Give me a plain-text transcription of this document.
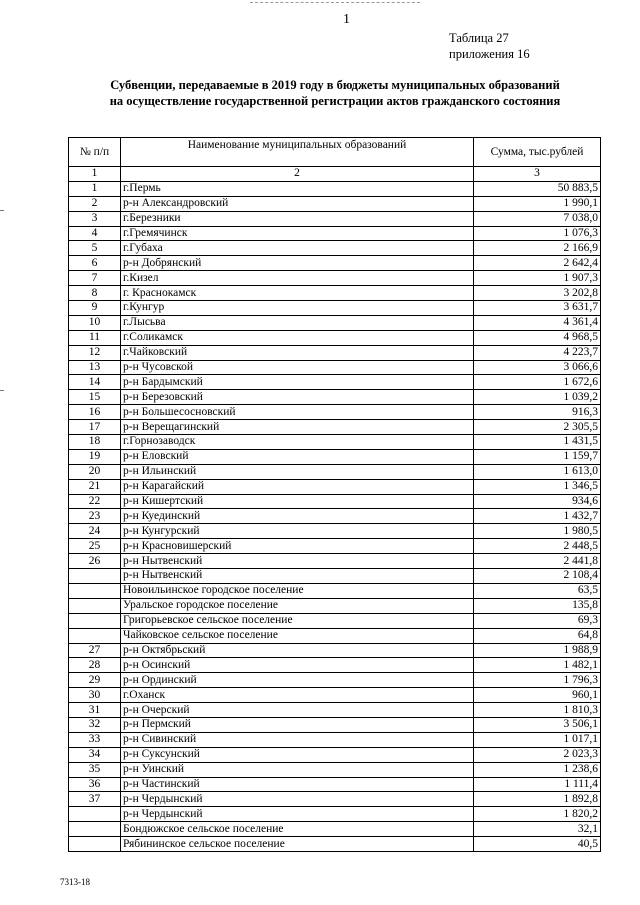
1
Таблица 27
приложения 16
Субвенции, передаваемые в 2019 году в бюджеты муниципальных образований
на осуществление государственной регистрации актов гражданского состояния
№ п/п	Наименование муниципальных образований	Сумма, тыс.рублей
1	2	3
1	г.Пермь	50 883,5
2	р-н Александровский	1 990,1
3	г.Березники	7 038,0
4	г.Гремячинск	1 076,3
5	г.Губаха	2 166,9
6	р-н Добрянский	2 642,4
7	г.Кизел	1 907,3
8	г. Краснокамск	3 202,8
9	г.Кунгур	3 631,7
10	г.Лысьва	4 361,4
11	г.Соликамск	4 968,5
12	г.Чайковский	4 223,7
13	р-н Чусовской	3 066,6
14	р-н Бардымский	1 672,6
15	р-н Березовский	1 039,2
16	р-н Большесосновский	916,3
17	р-н Верещагинский	2 305,5
18	г.Горнозаводск	1 431,5
19	р-н Еловский	1 159,7
20	р-н Ильинский	1 613,0
21	р-н Карагайский	1 346,5
22	р-н Кишертский	934,6
23	р-н Куединский	1 432,7
24	р-н Кунгурский	1 980,5
25	р-н Красновишерский	2 448,5
26	р-н Нытвенский	2 441,8
	р-н Нытвенский	2 108,4
	Новоильинское городское поселение	63,5
	Уральское городское поселение	135,8
	Григорьевское сельское поселение	69,3
	Чайковское сельское поселение	64,8
27	р-н Октябрьский	1 988,9
28	р-н Осинский	1 482,1
29	р-н Ординский	1 796,3
30	г.Оханск	960,1
31	р-н Очерский	1 810,3
32	р-н Пермский	3 506,1
33	р-н Сивинский	1 017,1
34	р-н Суксунский	2 023,3
35	р-н Уинский	1 238,6
36	р-н Частинский	1 111,4
37	р-н Чердынский	1 892,8
	р-н Чердынский	1 820,2
	Бондюжское сельское поселение	32,1
	Рябининское сельское поселение	40,5
7313-18
